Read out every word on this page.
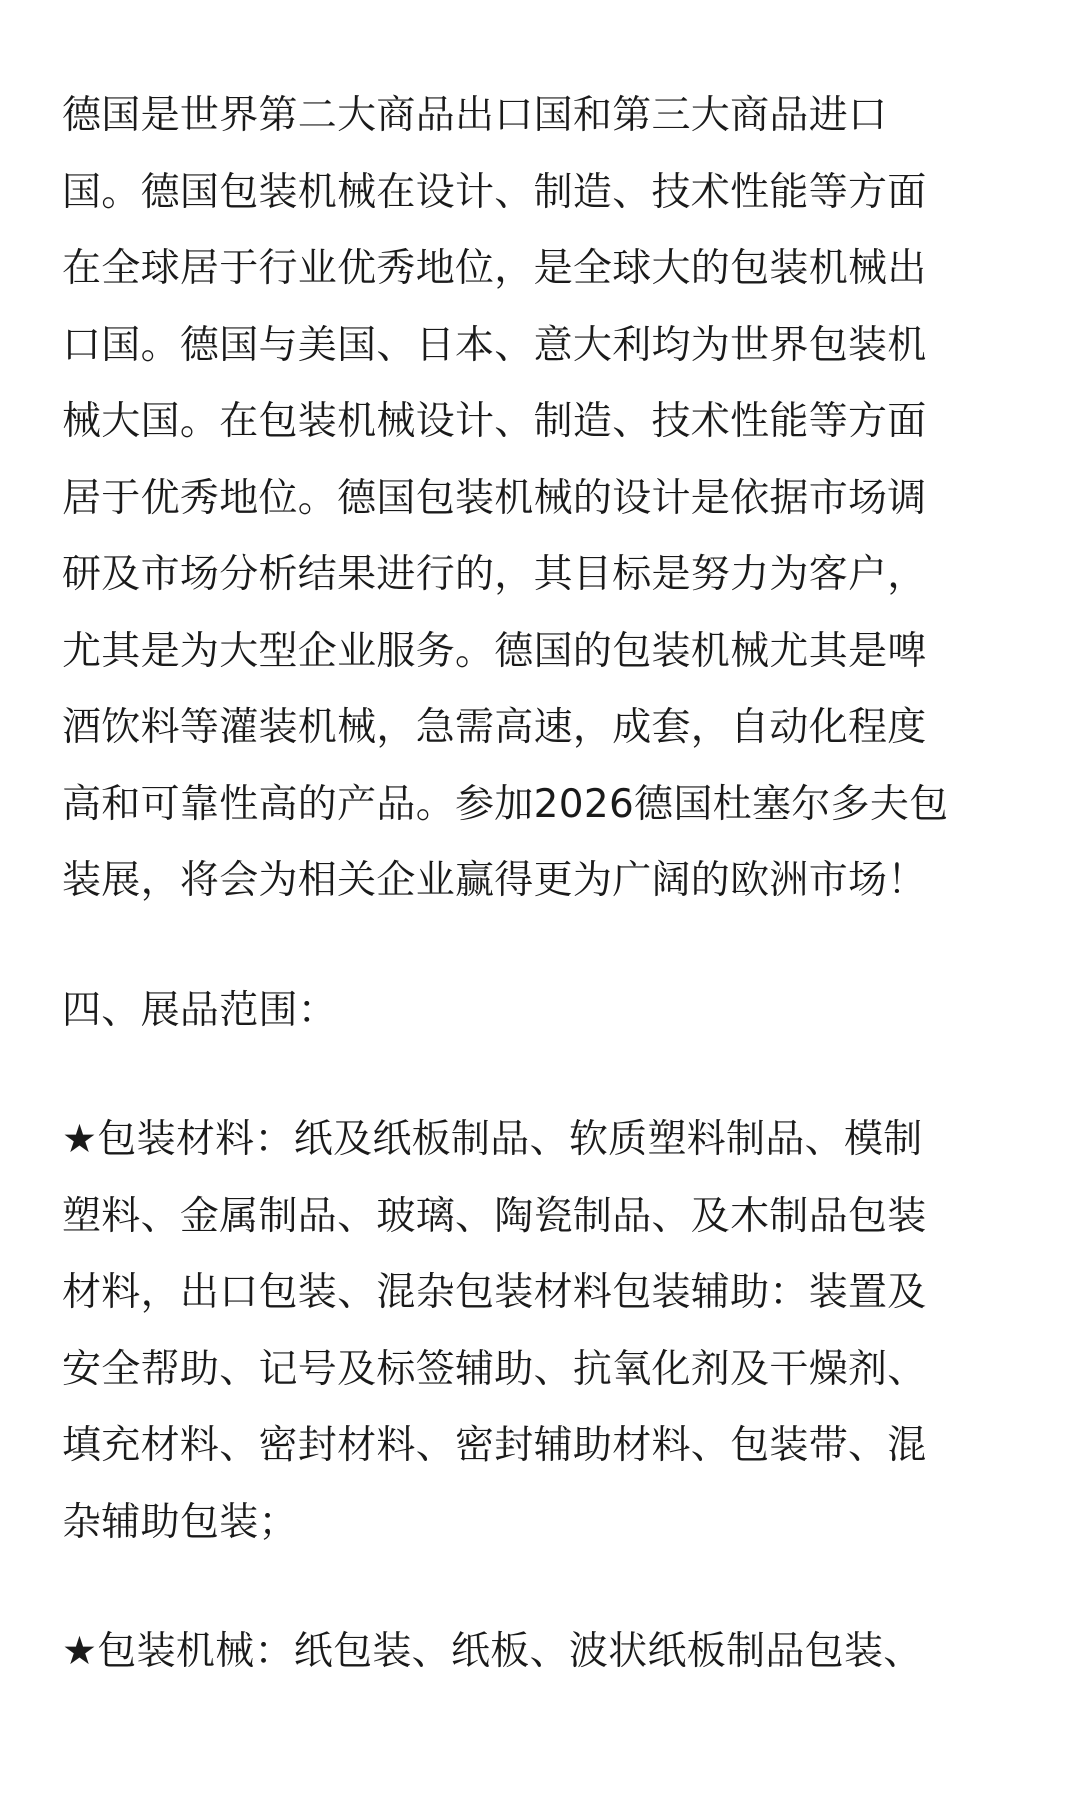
德国是世界第二大商品出口国和第三大商品进口
国。德国包装机械在设计、制造、技术性能等方面
在全球居于行业优秀地位，是全球大的包装机械出
口国。德国与美国、日本、意大利均为世界包装机
械大国。在包装机械设计、制造、技术性能等方面
居于优秀地位。德国包装机械的设计是依据市场调
研及市场分析结果进行的，其目标是努力为客户，
尤其是为大型企业服务。德国的包装机械尤其是啤
酒饮料等灌装机械，急需高速，成套，自动化程度
高和可靠性高的产品。参加2026德国杜塞尔多夫包
装展，将会为相关企业赢得更为广阔的欧洲市场！
四、展品范围：
★包装材料：纸及纸板制品、软质塑料制品、模制
塑料、金属制品、玻璃、陶瓷制品、及木制品包装
材料，出口包装、混杂包装材料包装辅助：装置及
安全帮助、记号及标签辅助、抗氧化剂及干燥剂、
填充材料、密封材料、密封辅助材料、包装带、混
杂辅助包装；
★包装机械：纸包装、纸板、波状纸板制品包装、
